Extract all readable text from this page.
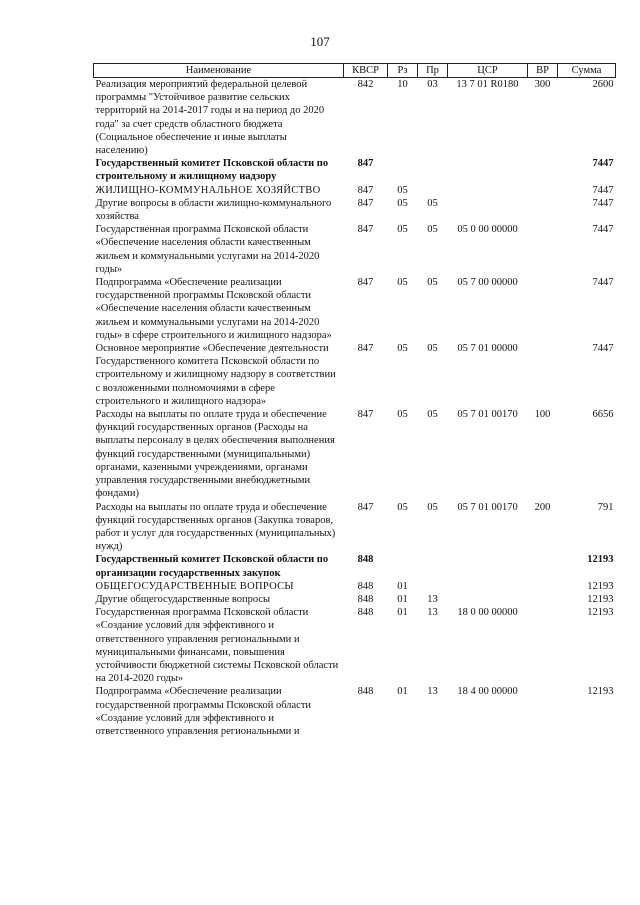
107
Наименование	КВСР	Рз	Пр	ЦСР	ВР	Сумма
Реализация мероприятий федеральной целевой программы "Устойчивое развитие сельских территорий на 2014-2017 годы и на период до 2020 года" за счет средств областного бюджета (Социальное обеспечение и иные выплаты населению)	842	10	03	13 7 01 R0180	300	2600
Государственный комитет Псковской области по строительному и жилищному надзору	847					7447
ЖИЛИЩНО-КОММУНАЛЬНОЕ ХОЗЯЙСТВО	847	05				7447
Другие вопросы в области жилищно-коммунального хозяйства	847	05	05			7447
Государственная программа Псковской области «Обеспечение населения области качественным жильем и коммунальными услугами на 2014-2020 годы»	847	05	05	05 0 00 00000		7447
Подпрограмма «Обеспечение реализации государственной программы Псковской области «Обеспечение населения области качественным жильем и коммунальными услугами на 2014-2020 годы» в сфере строительного и жилищного надзора»	847	05	05	05 7 00 00000		7447
Основное мероприятие «Обеспечение деятельности Государственного комитета Псковской области по строительному и жилищному надзору в соответствии с возложенными полномочиями в сфере строительного и жилищного надзора»	847	05	05	05 7 01 00000		7447
Расходы на выплаты по оплате труда и обеспечение функций государственных органов (Расходы на выплаты персоналу в целях обеспечения выполнения функций государственными (муниципальными) органами, казенными учреждениями, органами управления государственными внебюджетными фондами)	847	05	05	05 7 01 00170	100	6656
Расходы на выплаты по оплате труда и обеспечение функций государственных органов (Закупка товаров, работ и услуг для государственных (муниципальных) нужд)	847	05	05	05 7 01 00170	200	791
Государственный комитет Псковской области по организации государственных закупок	848					12193
ОБЩЕГОСУДАРСТВЕННЫЕ ВОПРОСЫ	848	01				12193
Другие общегосударственные вопросы	848	01	13			12193
Государственная программа Псковской области «Создание условий для эффективного и ответственного управления региональными и муниципальными финансами, повышения устойчивости бюджетной системы Псковской области на 2014-2020 годы»	848	01	13	18 0 00 00000		12193
Подпрограмма «Обеспечение реализации государственной программы Псковской области «Создание условий для эффективного и ответственного управления региональными и	848	01	13	18 4 00 00000		12193
